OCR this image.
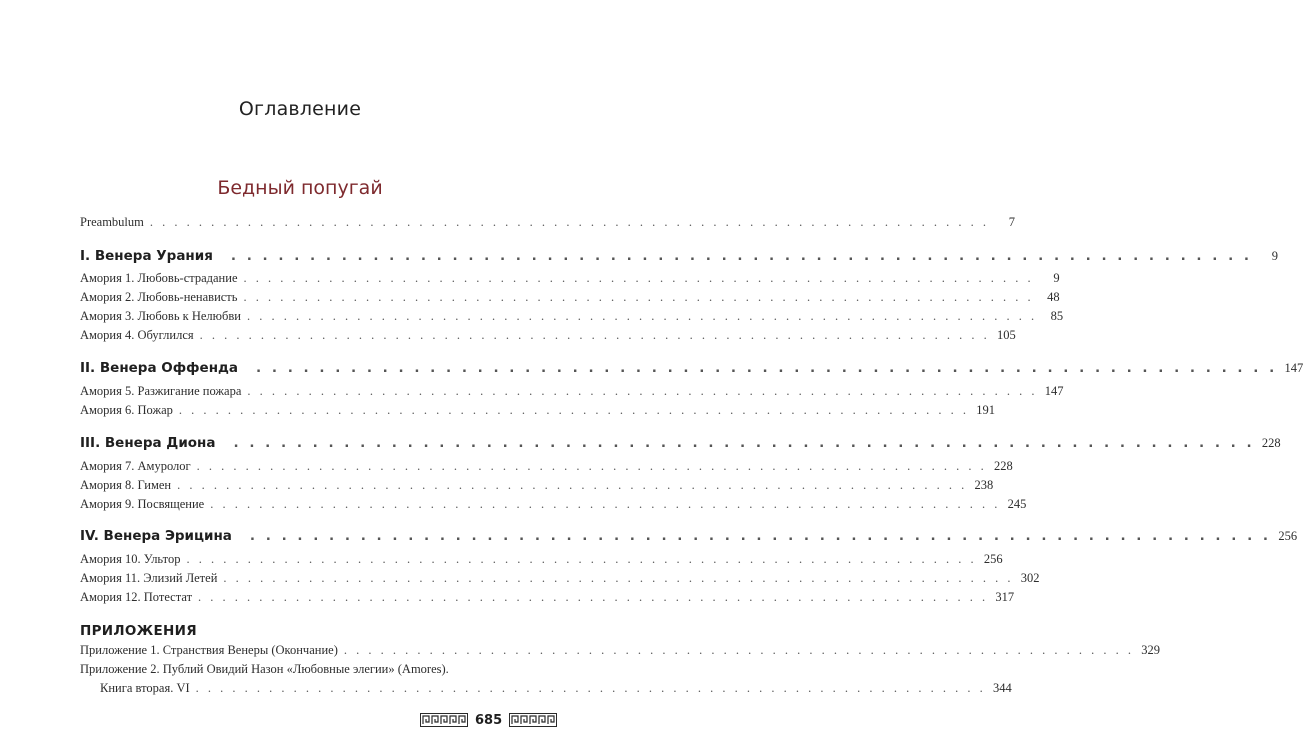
Оглавление
Бедный попугай
Preambulum . . . . . . . . . . . . . . . . . . . . . . . . . . . . . . . . . . . . . . . . . . . . . . . . . . . . . . . . . . . . . . . . . . . . .	7
I. Венера Урания . . . . . . . . . . . . . . . . . . . . . . . . . . . . . . . . . . . . . . . . . . . . . . . . . . . . . . . . . . . . . . . . .	9
Амория 1. Любовь-страдание . . . . . . . . . . . . . . . . . . . . . . . . . . . . . . . . . . . . . . . . . . . . . . . . . . . . . . . . . . . . . . . . .	9
Амория 2. Любовь-ненависть . . . . . . . . . . . . . . . . . . . . . . . . . . . . . . . . . . . . . . . . . . . . . . . . . . . . . . . . . . . . . . . . .	48
Амория 3. Любовь к Нелюбви . . . . . . . . . . . . . . . . . . . . . . . . . . . . . . . . . . . . . . . . . . . . . . . . . . . . . . . . . . . . . . . . .	85
Амория 4. Обуглился . . . . . . . . . . . . . . . . . . . . . . . . . . . . . . . . . . . . . . . . . . . . . . . . . . . . . . . . . . . . . . . . . 105
II. Венера Оффенда . . . . . . . . . . . . . . . . . . . . . . . . . . . . . . . . . . . . . . . . . . . . . . . . . . . . . . . . . . . . . . . . . 147
Амория 5. Разжигание пожара . . . . . . . . . . . . . . . . . . . . . . . . . . . . . . . . . . . . . . . . . . . . . . . . . . . . . . . . . . . . . . . . . 147
Амория 6. Пожар . . . . . . . . . . . . . . . . . . . . . . . . . . . . . . . . . . . . . . . . . . . . . . . . . . . . . . . . . . . . . . . . . 191
III. Венера Диона . . . . . . . . . . . . . . . . . . . . . . . . . . . . . . . . . . . . . . . . . . . . . . . . . . . . . . . . . . . . . . . . . 228
Амория 7. Амуролог . . . . . . . . . . . . . . . . . . . . . . . . . . . . . . . . . . . . . . . . . . . . . . . . . . . . . . . . . . . . . . . . . 228
Амория 8. Гимен . . . . . . . . . . . . . . . . . . . . . . . . . . . . . . . . . . . . . . . . . . . . . . . . . . . . . . . . . . . . . . . . . 238
Амория 9. Посвящение . . . . . . . . . . . . . . . . . . . . . . . . . . . . . . . . . . . . . . . . . . . . . . . . . . . . . . . . . . . . . . . . . 245
IV. Венера Эрицина . . . . . . . . . . . . . . . . . . . . . . . . . . . . . . . . . . . . . . . . . . . . . . . . . . . . . . . . . . . . . . . . . 256
Амория 10. Ультор . . . . . . . . . . . . . . . . . . . . . . . . . . . . . . . . . . . . . . . . . . . . . . . . . . . . . . . . . . . . . . . . . 256
Амория 11. Элизий Летей . . . . . . . . . . . . . . . . . . . . . . . . . . . . . . . . . . . . . . . . . . . . . . . . . . . . . . . . . . . . . . . . . 302
Амория 12. Потестат . . . . . . . . . . . . . . . . . . . . . . . . . . . . . . . . . . . . . . . . . . . . . . . . . . . . . . . . . . . . . . . . . 317
ПРИЛОЖЕНИЯ
Приложение 1. Странствия Венеры (Окончание) . . . . . . . . . . . . . . . . . . . . . . . . . . . . . . . . . . . . . . . . . . . . . . . . . . . . . . . . . . . . . . . . . 329
Приложение 2. Публий Овидий Назон «Любовные элегии» (Amores).
Книга вторая. VI . . . . . . . . . . . . . . . . . . . . . . . . . . . . . . . . . . . . . . . . . . . . . . . . . . . . . . . . . . . . . . . . . 344
685
